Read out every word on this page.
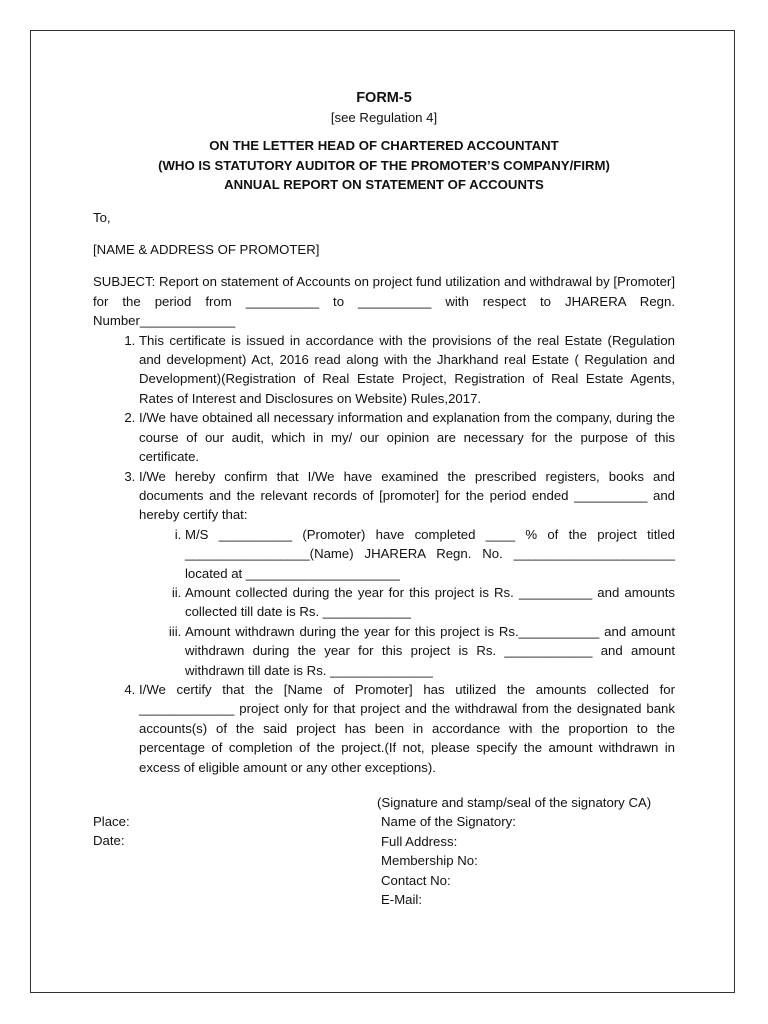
FORM-5
[see Regulation 4]
ON THE LETTER HEAD OF CHARTERED ACCOUNTANT
(WHO IS STATUTORY AUDITOR OF THE PROMOTER’S COMPANY/FIRM)
ANNUAL REPORT ON STATEMENT OF ACCOUNTS
To,
[NAME & ADDRESS OF PROMOTER]
SUBJECT: Report on statement of Accounts on project fund utilization and withdrawal by [Promoter] for the period from __________ to __________ with respect to JHARERA Regn. Number_____________
1. This certificate is issued in accordance with the provisions of the real Estate (Regulation and development) Act, 2016 read along with the Jharkhand real Estate ( Regulation and Development)(Registration of Real Estate Project, Registration of Real Estate Agents, Rates of Interest and Disclosures on Website) Rules,2017.
2. I/We have obtained all necessary information and explanation from the company, during the course of our audit, which in my/ our opinion are necessary for the purpose of this certificate.
3. I/We hereby confirm that I/We have examined the prescribed registers, books and documents and the relevant records of [promoter] for the period ended __________ and hereby certify that:
i. M/S __________ (Promoter) have completed ____ % of the project titled _________________(Name) JHARERA Regn. No. ______________________ located at _____________________
ii. Amount collected during the year for this project is Rs. __________ and amounts collected till date is Rs. ____________
iii. Amount withdrawn during the year for this project is Rs.___________ and amount withdrawn during the year for this project is Rs. ____________ and amount withdrawn till date is Rs. ______________
4. I/We certify that the [Name of Promoter] has utilized the amounts collected for _____________ project only for that project and the withdrawal from the designated bank accounts(s) of the said project has been in accordance with the proportion to the percentage of completion of the project.(If not, please specify the amount withdrawn in excess of eligible amount or any other exceptions).
Place:
Date:
(Signature and stamp/seal of the signatory CA)
Name of the Signatory:
Full Address:
Membership No:
Contact No:
E-Mail:
